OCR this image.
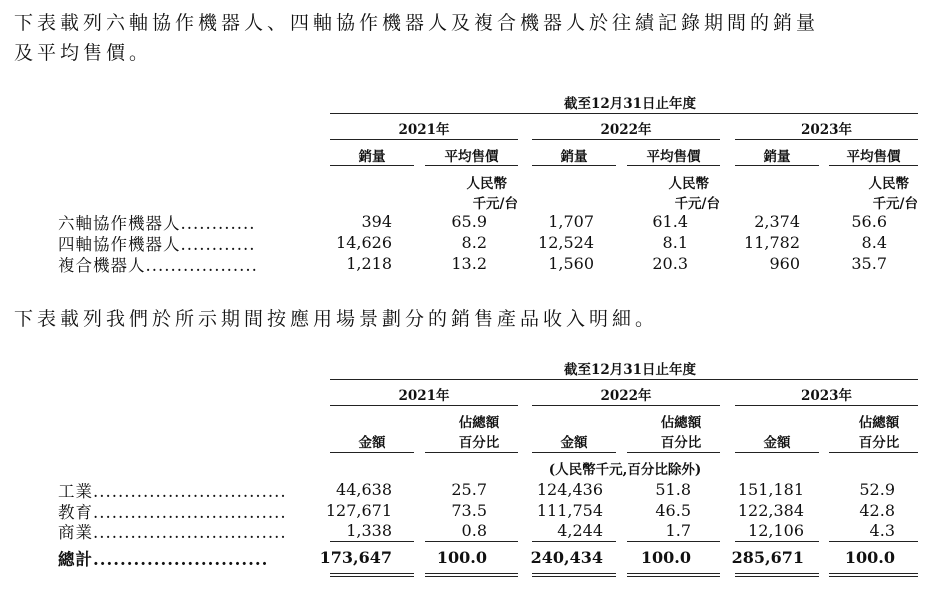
下表載列六軸協作機器人、四軸協作機器人及複合機器人於往績記錄期間的銷量

及平均售價。

截至12月31日止年度
2021年	2022年	2023年
銷量	平均售價	銷量	平均售價	銷量	平均售價
人民幣
千元/台
人民幣
千元/台
人民幣
千元/台
六軸協作機器人............	394	65.9	1,707	61.4	2,374	56.6
四軸協作機器人............	14,626	8.2	12,524	8.1	11,782	8.4
複合機器人..................	1,218	13.2	1,560	20.3	960	35.7

下表載列我們於所示期間按應用場景劃分的銷售產品收入明細。

截至12月31日止年度
2021年	2022年	2023年
佔總額	佔總額	佔總額
金額	百分比	金額	百分比	金額	百分比
(人民幣千元,百分比除外)
工業...............................	44,638	25.7	124,436	51.8	151,181	52.9
教育...............................	127,671	73.5	111,754	46.5	122,384	42.8
商業...............................	1,338	0.8	4,244	1.7	12,106	4.3
總計..........................	173,647	100.0	240,434	100.0	285,671	100.0
